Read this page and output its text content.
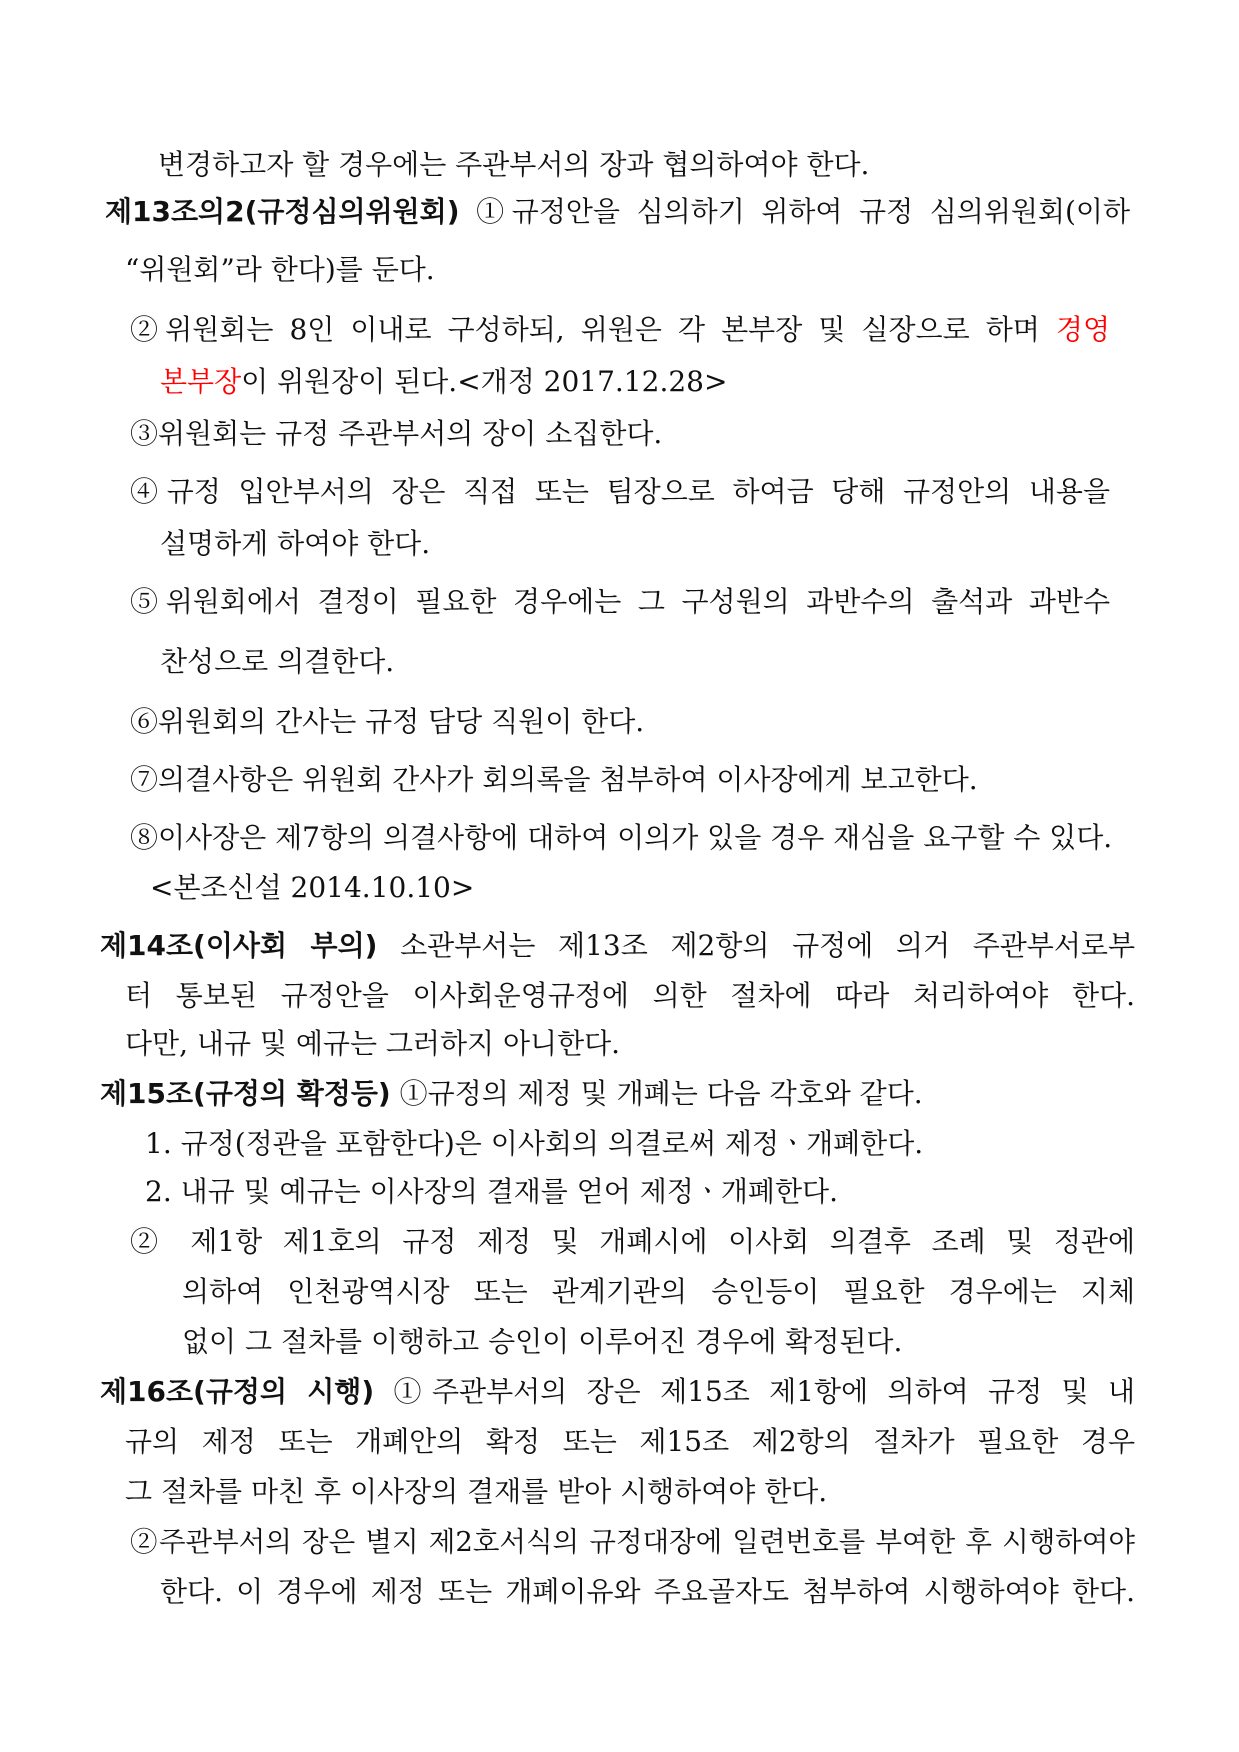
변경하고자 할 경우에는 주관부서의 장과 협의하여야 한다.
제13조의2(규정심의위원회) ①규정안을 심의하기 위하여 규정 심의위원회(이하
“위원회”라 한다)를 둔다.
②위원회는 8인 이내로 구성하되, 위원은 각 본부장 및 실장으로 하며 경영
본부장이 위원장이 된다.<개정 2017.12.28>
③위원회는 규정 주관부서의 장이 소집한다.
④규정 입안부서의 장은 직접 또는 팀장으로 하여금 당해 규정안의 내용을
설명하게 하여야 한다.
⑤위원회에서 결정이 필요한 경우에는 그 구성원의 과반수의 출석과 과반수
찬성으로 의결한다.
⑥위원회의 간사는 규정 담당 직원이 한다.
⑦의결사항은 위원회 간사가 회의록을 첨부하여 이사장에게 보고한다.
⑧이사장은 제7항의 의결사항에 대하여 이의가 있을 경우 재심을 요구할 수 있다.
<본조신설 2014.10.10>
제14조(이사회 부의) 소관부서는 제13조 제2항의 규정에 의거 주관부서로부
터 통보된 규정안을 이사회운영규정에 의한 절차에 따라 처리하여야 한다.
다만, 내규 및 예규는 그러하지 아니한다.
제15조(규정의 확정등) ①규정의 제정 및 개폐는 다음 각호와 같다.
1. 규정(정관을 포함한다)은 이사회의 의결로써 제정ㆍ개폐한다.
2. 내규 및 예규는 이사장의 결재를 얻어 제정ㆍ개폐한다.
② 제1항 제1호의 규정 제정 및 개폐시에 이사회 의결후 조례 및 정관에
의하여 인천광역시장 또는 관계기관의 승인등이 필요한 경우에는 지체
없이 그 절차를 이행하고 승인이 이루어진 경우에 확정된다.
제16조(규정의 시행) ①주관부서의 장은 제15조 제1항에 의하여 규정 및 내
규의 제정 또는 개폐안의 확정 또는 제15조 제2항의 절차가 필요한 경우
그 절차를 마친 후 이사장의 결재를 받아 시행하여야 한다.
②주관부서의 장은 별지 제2호서식의 규정대장에 일련번호를 부여한 후 시행하여야
한다. 이 경우에 제정 또는 개폐이유와 주요골자도 첨부하여 시행하여야 한다.
